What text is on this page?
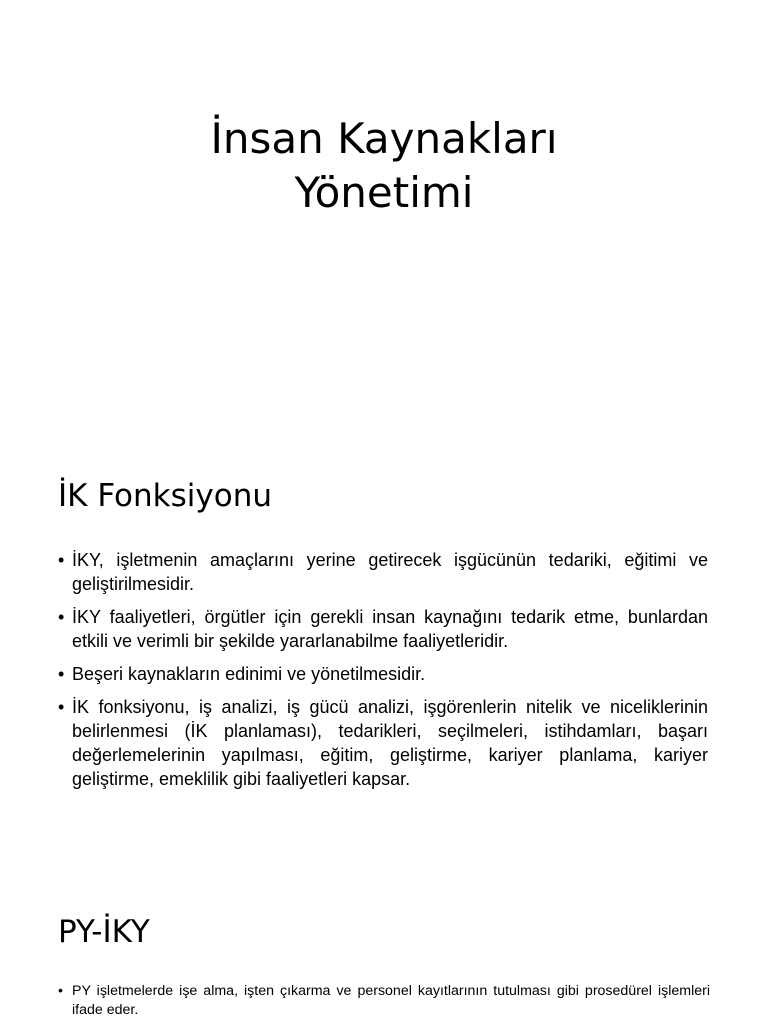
İnsan Kaynakları
Yönetimi
İK Fonksiyonu
• İKY, işletmenin amaçlarını yerine getirecek işgücünün tedariki, eğitimi ve geliştirilmesidir.
• İKY faaliyetleri, örgütler için gerekli insan kaynağını tedarik etme, bunlardan etkili ve verimli bir şekilde yararlanabilme faaliyetleridir.
• Beşeri kaynakların edinimi ve yönetilmesidir.
• İK fonksiyonu, iş analizi, iş gücü analizi, işgörenlerin nitelik ve niceliklerinin belirlenmesi (İK planlaması), tedarikleri, seçilmeleri, istihdamları, başarı değerlemelerinin yapılması, eğitim, geliştirme, kariyer planlama, kariyer geliştirme, emeklilik gibi faaliyetleri kapsar.
PY-İKY
• PY işletmelerde işe alma, işten çıkarma ve personel kayıtlarının tutulması gibi prosedürel işlemleri ifade eder.
